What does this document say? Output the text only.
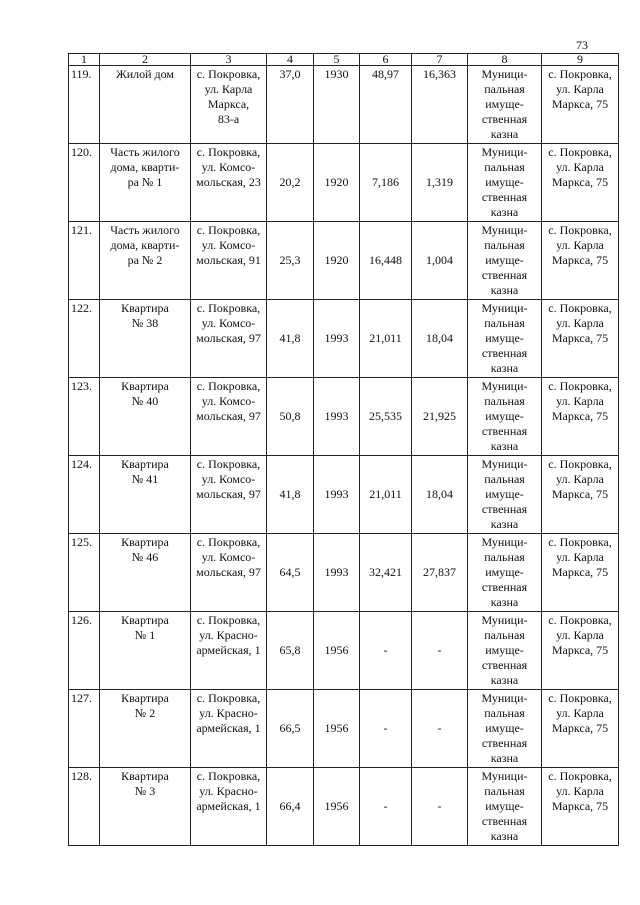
73
1	2	3	4	5	6	7	8	9
119.	Жилой дом	с. Покровка,
ул. Карла
Маркса,
83-а	37,0	1930	48,97	16,363	Муници-
пальная
имуще-
ственная
казна	с. Покровка,
ул. Карла
Маркса, 75
120.	Часть жилого
дома, кварти-
ра № 1	с. Покровка,
ул. Комсо-
мольская, 23	20,2	1920	7,186	1,319	Муници-
пальная
имуще-
ственная
казна	с. Покровка,
ул. Карла
Маркса, 75
121.	Часть жилого
дома, кварти-
ра № 2	с. Покровка,
ул. Комсо-
мольская, 91	25,3	1920	16,448	1,004	Муници-
пальная
имуще-
ственная
казна	с. Покровка,
ул. Карла
Маркса, 75
122.	Квартира
№ 38	с. Покровка,
ул. Комсо-
мольская, 97	41,8	1993	21,011	18,04	Муници-
пальная
имуще-
ственная
казна	с. Покровка,
ул. Карла
Маркса, 75
123.	Квартира
№ 40	с. Покровка,
ул. Комсо-
мольская, 97	50,8	1993	25,535	21,925	Муници-
пальная
имуще-
ственная
казна	с. Покровка,
ул. Карла
Маркса, 75
124.	Квартира
№ 41	с. Покровка,
ул. Комсо-
мольская, 97	41,8	1993	21,011	18,04	Муници-
пальная
имуще-
ственная
казна	с. Покровка,
ул. Карла
Маркса, 75
125.	Квартира
№ 46	с. Покровка,
ул. Комсо-
мольская, 97	64,5	1993	32,421	27,837	Муници-
пальная
имуще-
ственная
казна	с. Покровка,
ул. Карла
Маркса, 75
126.	Квартира
№ 1	с. Покровка,
ул. Красно-
армейская, 1	65,8	1956	-	-	Муници-
пальная
имуще-
ственная
казна	с. Покровка,
ул. Карла
Маркса, 75
127.	Квартира
№ 2	с. Покровка,
ул. Красно-
армейская, 1	66,5	1956	-	-	Муници-
пальная
имуще-
ственная
казна	с. Покровка,
ул. Карла
Маркса, 75
128.	Квартира
№ 3	с. Покровка,
ул. Красно-
армейская, 1	66,4	1956	-	-	Муници-
пальная
имуще-
ственная
казна	с. Покровка,
ул. Карла
Маркса, 75
